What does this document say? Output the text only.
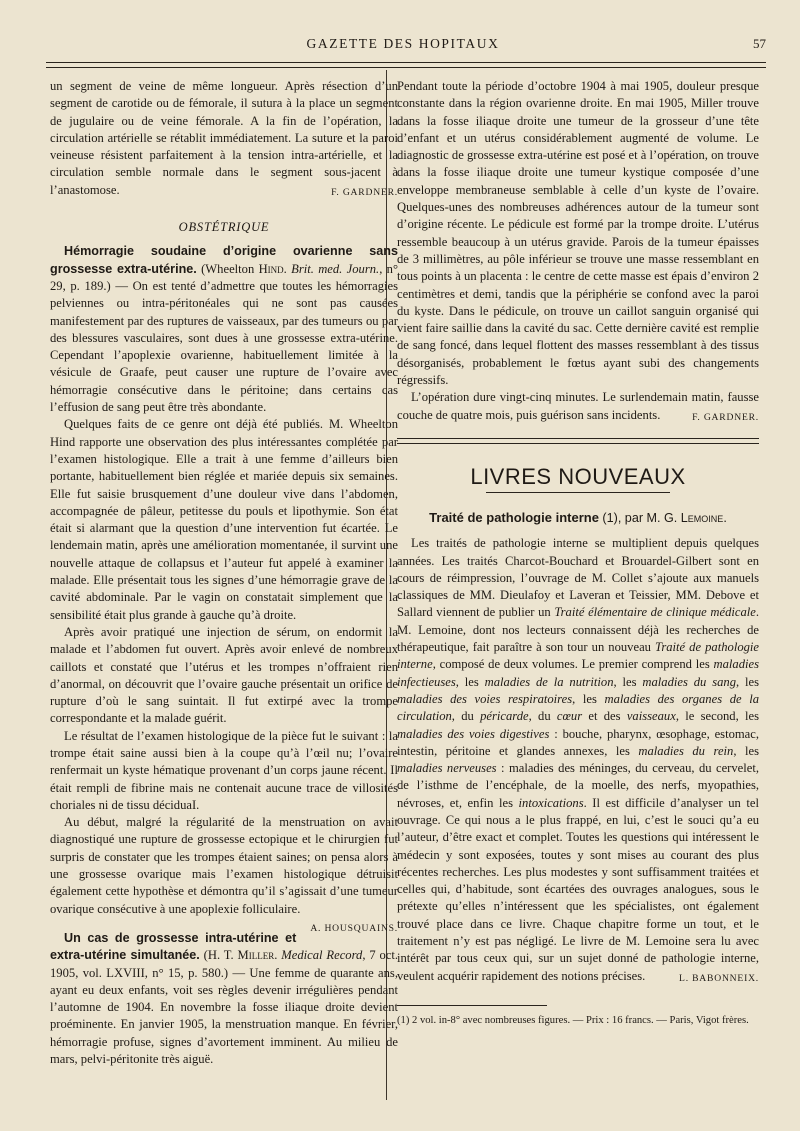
GAZETTE DES HOPITAUX	57

un segment de veine de même longueur. Après résection d’un segment de carotide ou de fémorale, il sutura à la place un segment de jugulaire ou de veine fémorale. A la fin de l’opération, la circulation artérielle se rétablit immédiatement. La suture et la paroi veineuse résistent parfaitement à la tension intra-artérielle, et la circulation semble normale dans le segment sous-jacent à l’anastomose.	F. GARDNER.

OBSTÉTRIQUE

Hémorragie soudaine d’origine ovarienne sans grossesse extra-utérine. (Wheelton Hind. Brit. med. Journ., n° 29, p. 189.) — On est tenté d’admettre que toutes les hémorragies pelviennes ou intra-péritonéales qui ne sont pas causées manifestement par des ruptures de vaisseaux, par des tumeurs ou par des blessures vasculaires, sont dues à une grossesse extra-utérine. Cependant l’apoplexie ovarienne, habituellement limitée à la vésicule de Graafe, peut causer une rupture de l’ovaire avec hémorragie consécutive dans le péritoine; dans certains cas l’effusion de sang peut être très abondante.

Quelques faits de ce genre ont déjà été publiés. M. Wheelton Hind rapporte une observation des plus intéressantes complétée par l’examen histologique. Elle a trait à une femme d’ailleurs bien portante, habituellement bien réglée et mariée depuis six semaines. Elle fut saisie brusquement d’une douleur vive dans l’abdomen, accompagnée de pâleur, petitesse du pouls et lipothymie. Son état était si alarmant que la question d’une intervention fut écartée. Le lendemain matin, après une amélioration momentanée, il survint une nouvelle attaque de collapsus et l’auteur fut appelé à examiner la malade. Elle présentait tous les signes d’une hémorragie grave de la cavité abdominale. Par le vagin on constatait simplement que la sensibilité était plus grande à gauche qu’à droite.

Après avoir pratiqué une injection de sérum, on endormit la malade et l’abdomen fut ouvert. Après avoir enlevé de nombreux caillots et constaté que l’utérus et les trompes n’offraient rien d’anormal, on découvrit que l’ovaire gauche présentait un orifice de rupture d’où le sang suintait. Il fut extirpé avec la trompe correspondante et la malade guérit.

Le résultat de l’examen histologique de la pièce fut le suivant : la trompe était saine aussi bien à la coupe qu’à l’œil nu; l’ovaire renfermait un kyste hématique provenant d’un corps jaune récent. Il était rempli de fibrine mais ne contenait aucune trace de villosités choriales ni de tissu déciduaI.

Au début, malgré la régularité de la menstruation on avait diagnostiqué une rupture de grossesse ectopique et le chirurgien fut surpris de constater que les trompes étaient saines; on pensa alors à une grossesse ovarique mais l’examen histologique détruisit également cette hypothèse et démontra qu’il s’agissait d’une tumeur ovarique consécutive à une apoplexie folliculaire.
A. HOUSQUAINS.

Un cas de grossesse intra-utérine et extra-utérine simultanée. (H. T. Miller. Medical Record, 7 oct. 1905, vol. LXVIII, n° 15, p. 580.) — Une femme de quarante ans, ayant eu deux enfants, voit ses règles devenir irrégulières pendant l’automne de 1904. En novembre la fosse iliaque droite devient proéminente. En janvier 1905, la menstruation manque. En février, hémorragie profuse, signes d’avortement imminent. Au milieu de mars, pelvi-péritonite très aiguë.

Pendant toute la période d’octobre 1904 à mai 1905, douleur presque constante dans la région ovarienne droite. En mai 1905, Miller trouve dans la fosse iliaque droite une tumeur de la grosseur d’une tête d’enfant et un utérus considérablement augmenté de volume. Le diagnostic de grossesse extra-utérine est posé et à l’opération, on trouve dans la fosse iliaque droite une tumeur kystique composée d’une enveloppe membraneuse semblable à celle d’un kyste de l’ovaire. Quelques-unes des nombreuses adhérences autour de la tumeur sont d’origine récente. Le pédicule est formé par la trompe droite. L’utérus ressemble beaucoup à un utérus gravide. Parois de la tumeur épaisses de 3 millimètres, au pôle inférieur se trouve une masse ressemblant en tous points à un placenta : le centre de cette masse est épais d’environ 2 centimètres et demi, tandis que la périphérie se confond avec la paroi du kyste. Dans le pédicule, on trouve un caillot sanguin organisé qui vient faire saillie dans la cavité du sac. Cette dernière cavité est remplie de sang foncé, dans lequel flottent des masses ressemblant à des tissus désorganisés, probablement le fœtus ayant subi des changements régressifs.

L’opération dure vingt-cinq minutes. Le surlendemain matin, fausse couche de quatre mois, puis guérison sans incidents.	F. GARDNER.

LIVRES NOUVEAUX
Traité de pathologie interne (1), par M. G. Lemoine.

Les traités de pathologie interne se multiplient depuis quelques années. Les traités Charcot-Bouchard et Brouardel-Gilbert sont en cours de réimpression, l’ouvrage de M. Collet s’ajoute aux manuels classiques de MM. Dieulafoy et Laveran et Teissier, MM. Debove et Sallard viennent de publier un Traité élémentaire de clinique médicale. M. Lemoine, dont nos lecteurs connaissent déjà les recherches de thérapeutique, fait paraître à son tour un nouveau Traité de pathologie interne, composé de deux volumes. Le premier comprend les maladies infectieuses, les maladies de la nutrition, les maladies du sang, les maladies des voies respiratoires, les maladies des organes de la circulation, du péricarde, du cœur et des vaisseaux, le second, les maladies des voies digestives : bouche, pharynx, œsophage, estomac, intestin, péritoine et glandes annexes, les maladies du rein, les maladies nerveuses : maladies des méninges, du cerveau, du cervelet, de l’isthme de l’encéphale, de la moelle, des nerfs, myopathies, névroses, et, enfin les intoxications. Il est difficile d’analyser un tel ouvrage. Ce qui nous a le plus frappé, en lui, c’est le souci qu’a eu l’auteur, d’être exact et complet. Toutes les questions qui intéressent le médecin y sont exposées, toutes y sont mises au courant des plus récentes recherches. Les plus modestes y sont suffisamment traitées et celles qui, d’habitude, sont écartées des ouvrages analogues, sous le prétexte qu’elles n’intéressent que les spécialistes, ont également trouvé place dans ce livre. Chaque chapitre forme un tout, et le traitement n’y est pas négligé. Le livre de M. Lemoine sera lu avec intérêt par tous ceux qui, sur un sujet donné de pathologie interne, veulent acquérir rapidement des notions précises.	L. BABONNEIX.

(1) 2 vol. in-8° avec nombreuses figures. — Prix : 16 francs. — Paris, Vigot frères.
